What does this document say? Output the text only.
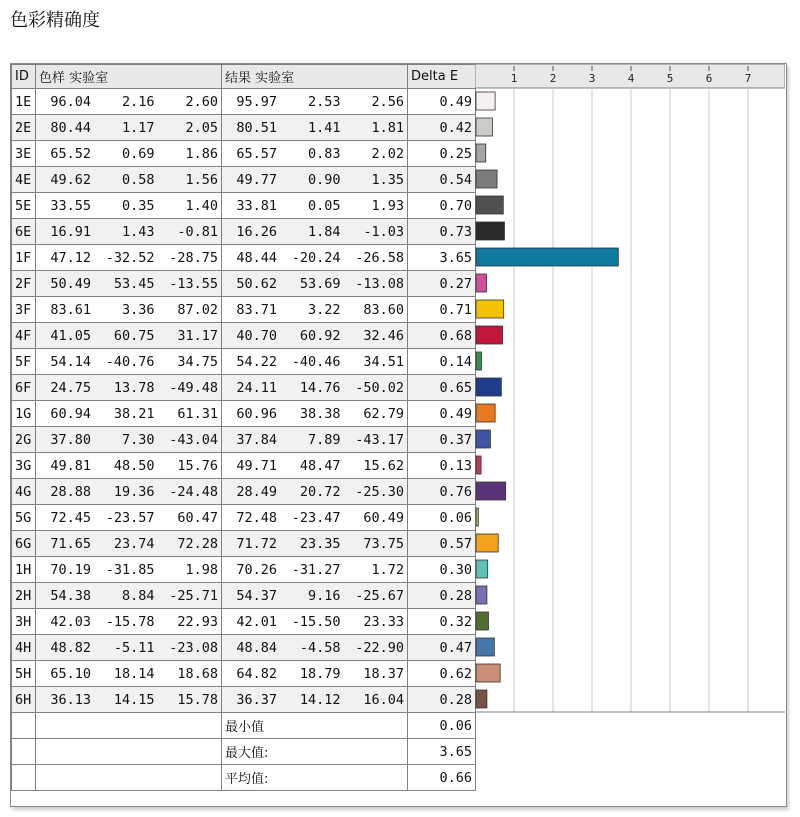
色彩精确度
ID	色样 实验室	结果 实验室	Delta E
1E	96.04 2.16 2.60	95.97 2.53 2.56	0.49
2E	80.44 1.17 2.05	80.51 1.41 1.81	0.42
3E	65.52 0.69 1.86	65.57 0.83 2.02	0.25
4E	49.62 0.58 1.56	49.77 0.90 1.35	0.54
5E	33.55 0.35 1.40	33.81 0.05 1.93	0.70
6E	16.91 1.43 -0.81	16.26 1.84 -1.03	0.73
1F	47.12 -32.52 -28.75	48.44 -20.24 -26.58	3.65
2F	50.49 53.45 -13.55	50.62 53.69 -13.08	0.27
3F	83.61 3.36 87.02	83.71 3.22 83.60	0.71
4F	41.05 60.75 31.17	40.70 60.92 32.46	0.68
5F	54.14 -40.76 34.75	54.22 -40.46 34.51	0.14
6F	24.75 13.78 -49.48	24.11 14.76 -50.02	0.65
1G	60.94 38.21 61.31	60.96 38.38 62.79	0.49
2G	37.80 7.30 -43.04	37.84 7.89 -43.17	0.37
3G	49.81 48.50 15.76	49.71 48.47 15.62	0.13
4G	28.88 19.36 -24.48	28.49 20.72 -25.30	0.76
5G	72.45 -23.57 60.47	72.48 -23.47 60.49	0.06
6G	71.65 23.74 72.28	71.72 23.35 73.75	0.57
1H	70.19 -31.85 1.98	70.26 -31.27 1.72	0.30
2H	54.38 8.84 -25.71	54.37 9.16 -25.67	0.28
3H	42.03 -15.78 22.93	42.01 -15.50 23.33	0.32
4H	48.82 -5.11 -23.08	48.84 -4.58 -22.90	0.47
5H	65.10 18.14 18.68	64.82 18.79 18.37	0.62
6H	36.13 14.15 15.78	36.37 14.12 16.04	0.28
		最小值	0.06
		最大值:	3.65
		平均值:	0.66
1	2	3	4	5	6	7
